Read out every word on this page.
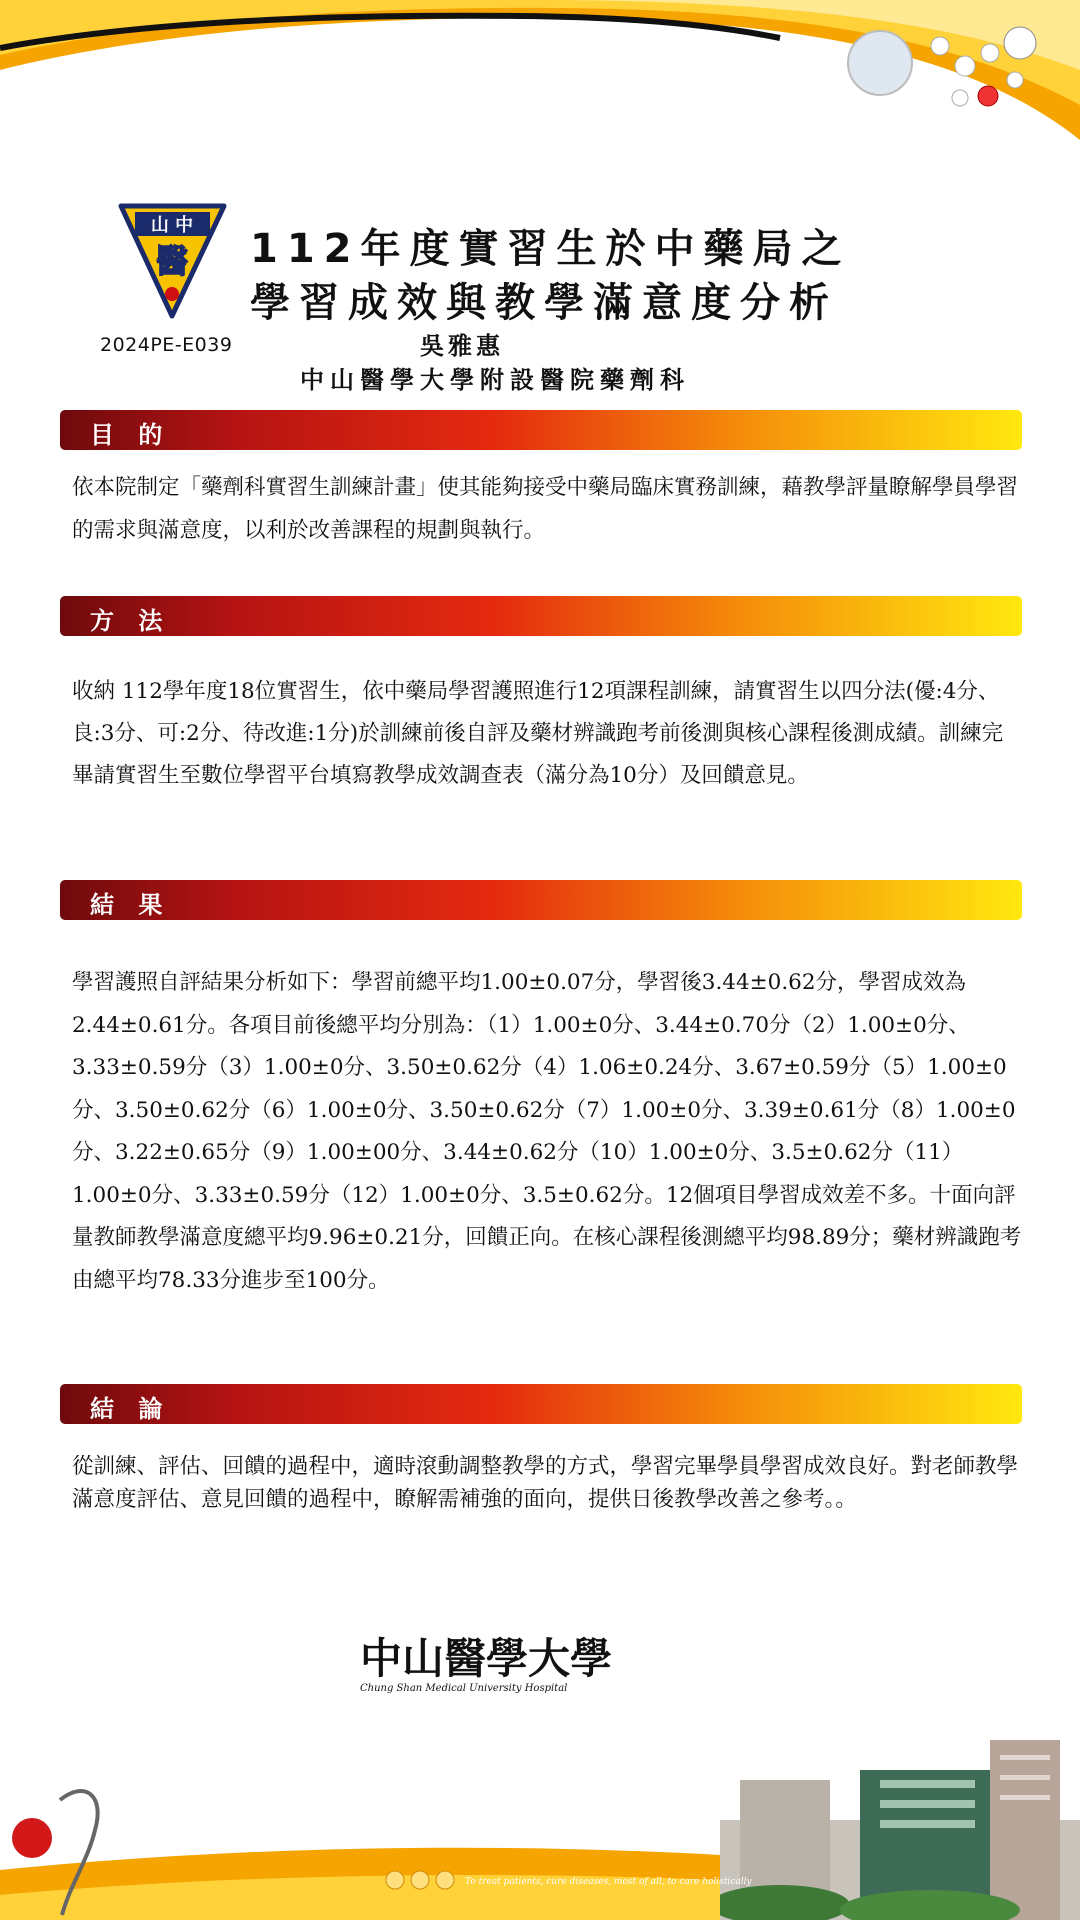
山 中
醫
2024PE-E039
112年度實習生於中藥局之
學習成效與教學滿意度分析
吳雅惠
中山醫學大學附設醫院藥劑科
目 的
依本院制定「藥劑科實習生訓練計畫」使其能夠接受中藥局臨床實務訓練，藉教學評量瞭解學員學習的需求與滿意度，以利於改善課程的規劃與執行。
方 法
收納 112學年度18位實習生，依中藥局學習護照進行12項課程訓練，請實習生以四分法(優:4分、良:3分、可:2分、待改進:1分)於訓練前後自評及藥材辨識跑考前後測與核心課程後測成績。訓練完畢請實習生至數位學習平台填寫教學成效調查表（滿分為10分）及回饋意見。
結 果
學習護照自評結果分析如下：學習前總平均1.00±0.07分，學習後3.44±0.62分，學習成效為2.44±0.61分。各項目前後總平均分別為：（1）1.00±0分、3.44±0.70分（2）1.00±0分、3.33±0.59分（3）1.00±0分、3.50±0.62分（4）1.06±0.24分、3.67±0.59分（5）1.00±0分、3.50±0.62分（6）1.00±0分、3.50±0.62分（7）1.00±0分、3.39±0.61分（8）1.00±0分、3.22±0.65分（9）1.00±00分、3.44±0.62分（10）1.00±0分、3.5±0.62分（11）1.00±0分、3.33±0.59分（12）1.00±0分、3.5±0.62分。12個項目學習成效差不多。十面向評量教師教學滿意度總平均9.96±0.21分，回饋正向。在核心課程後測總平均98.89分；藥材辨識跑考由總平均78.33分進步至100分。
結 論
從訓練、評估、回饋的過程中，適時滾動調整教學的方式，學習完畢學員學習成效良好。對老師教學滿意度評估、意見回饋的過程中，瞭解需補強的面向，提供日後教學改善之參考。。
中山醫學大學
Chung Shan Medical University Hospital
To treat patients, cure diseases, most of all, to care holistically
